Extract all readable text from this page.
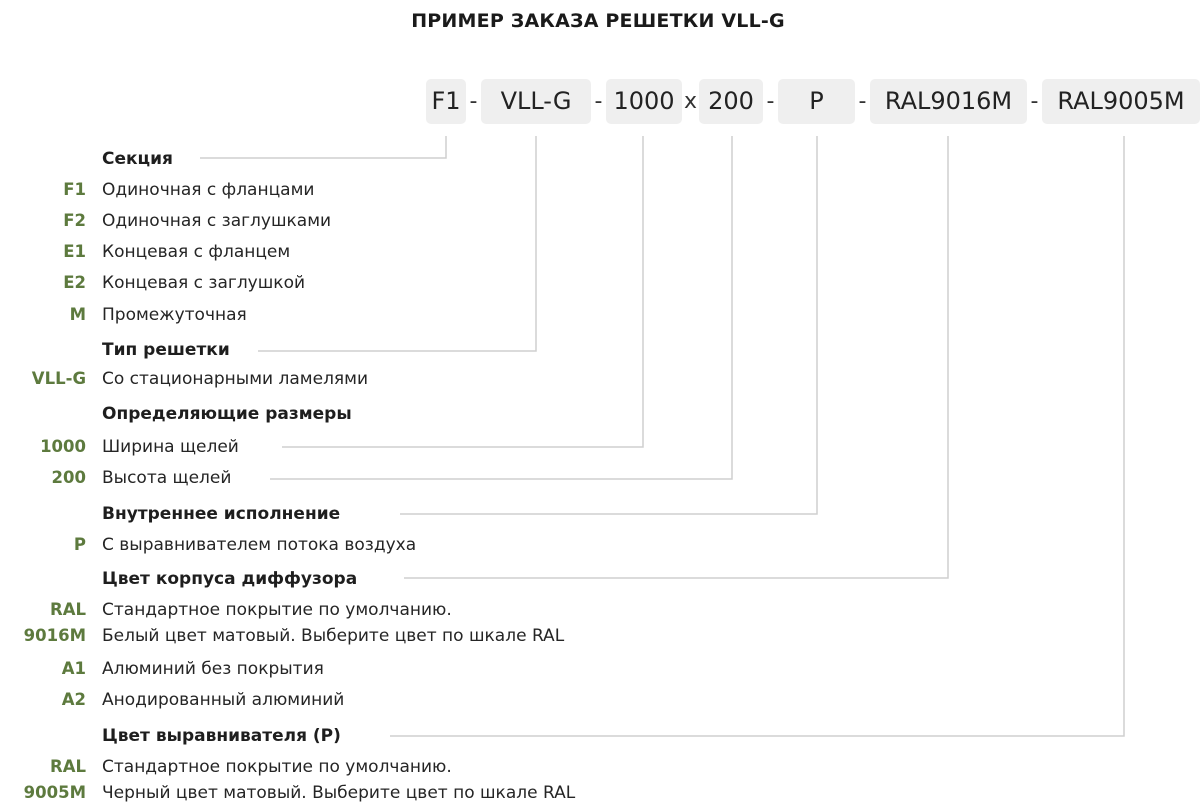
ПРИМЕР ЗАКАЗА РЕШЕТКИ VLL-G
F1 - VLL-G	- 1000 x 200 -	P	- RAL9016M - RAL9005M
Секция
F1 Одиночная с фланцами
F2 Одиночная с заглушками
E1 Концевая с фланцем
E2 Концевая с заглушкой
M Промежуточная
Тип решетки
VLL-G Со стационарными ламелями
Определяющие размеры
1000 Ширина щелей
200 Высота щелей
Внутреннее исполнение
P С выравнивателем потока воздуха
Цвет корпуса диффузора
RAL Стандартное покрытие по умолчанию.
9016M Белый цвет матовый. Выберите цвет по шкале RAL
A1 Алюминий без покрытия
A2 Анодированный алюминий
Цвет выравнивателя (Р)
RAL Стандартное покрытие по умолчанию.
9005M Черный цвет матовый. Выберите цвет по шкале RAL
